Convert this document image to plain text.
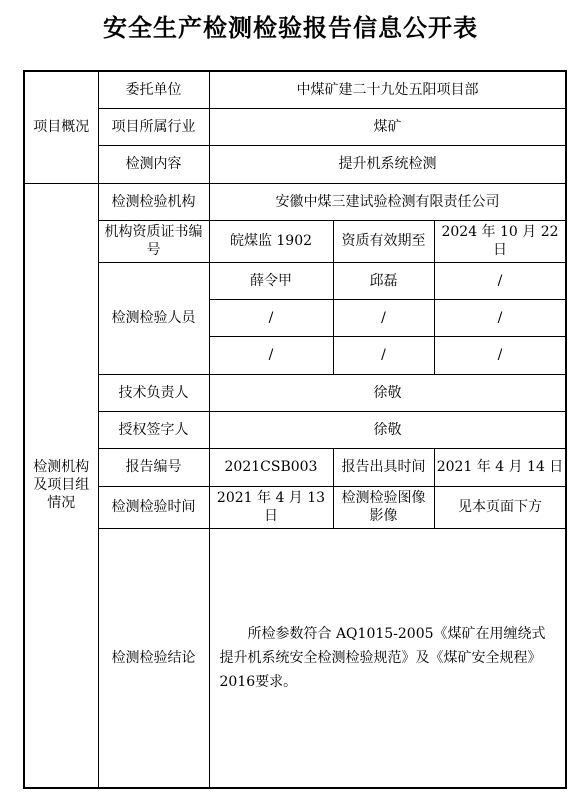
安全生产检测检验报告信息公开表
项目概况	委托单位	中煤矿建二十九处五阳项目部		
	项目所属行业	煤矿		
	检测内容	提升机系统检测		
检测机构及项目组情况	检测检验机构	安徽中煤三建试验检测有限责任公司		
	机构资质证书编号	皖煤监 1902	资质有效期至	2024 年 10 月 22 日
	检测检验人员	薛令甲	邱磊	/
		/	/	/
		/	/	/
	技术负责人	徐敬		
	授权签字人	徐敬		
	报告编号	2021CSB003	报告出具时间	2021 年 4 月 14 日
	检测检验时间	2021 年 4 月 13 日	检测检验图像影像	见本页面下方
	检测检验结论	所检参数符合 AQ1015-2005《煤矿在用缠绕式提升机系统安全检测检验规范》及《煤矿安全规程》2016要求。		
